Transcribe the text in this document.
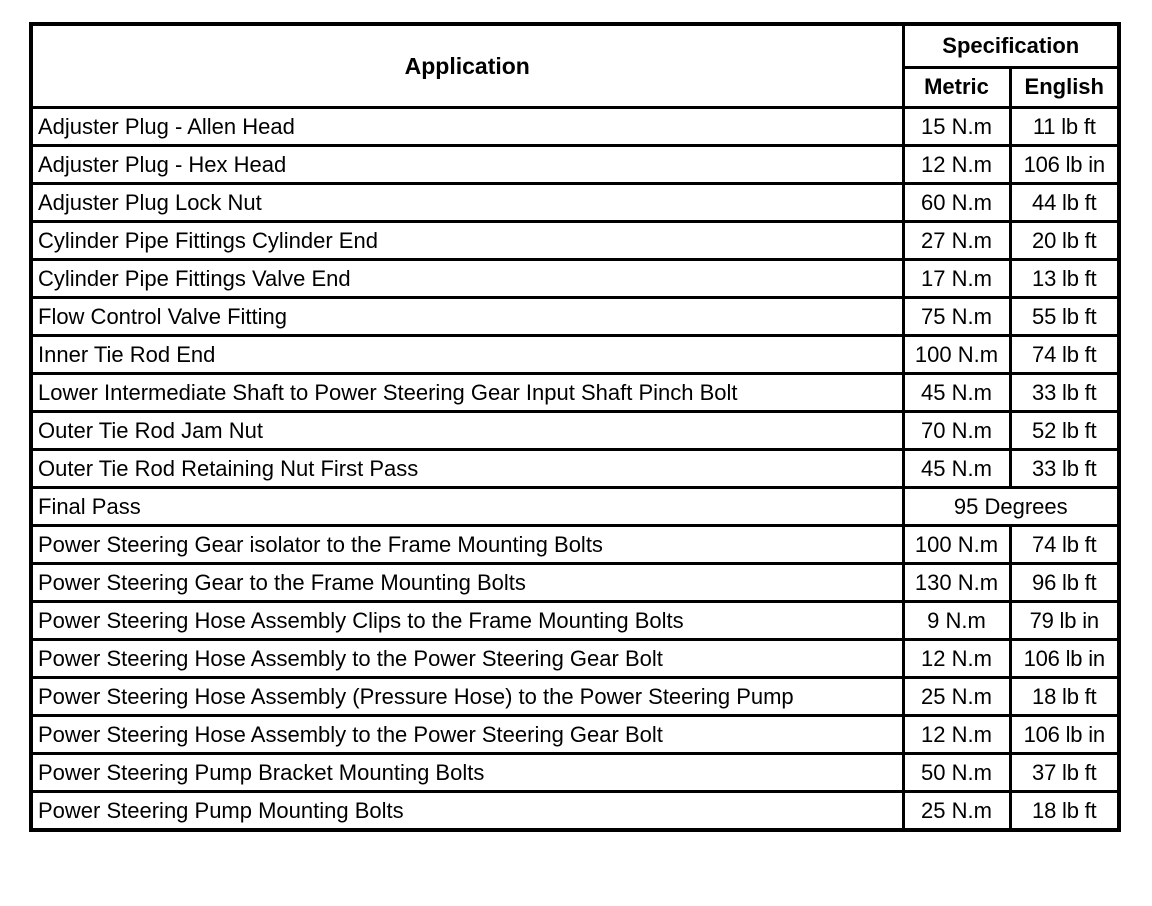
Application	Specification	
	Metric	English
Adjuster Plug - Allen Head	15 N.m	11 lb ft
Adjuster Plug - Hex Head	12 N.m	106 lb in
Adjuster Plug Lock Nut	60 N.m	44 lb ft
Cylinder Pipe Fittings Cylinder End	27 N.m	20 lb ft
Cylinder Pipe Fittings Valve End	17 N.m	13 lb ft
Flow Control Valve Fitting	75 N.m	55 lb ft
Inner Tie Rod End	100 N.m	74 lb ft
Lower Intermediate Shaft to Power Steering Gear Input Shaft Pinch Bolt	45 N.m	33 lb ft
Outer Tie Rod Jam Nut	70 N.m	52 lb ft
Outer Tie Rod Retaining Nut First Pass	45 N.m	33 lb ft
Final Pass	95 Degrees	
Power Steering Gear isolator to the Frame Mounting Bolts	100 N.m	74 lb ft
Power Steering Gear to the Frame Mounting Bolts	130 N.m	96 lb ft
Power Steering Hose Assembly Clips to the Frame Mounting Bolts	9 N.m	79 lb in
Power Steering Hose Assembly to the Power Steering Gear Bolt	12 N.m	106 lb in
Power Steering Hose Assembly (Pressure Hose) to the Power Steering Pump	25 N.m	18 lb ft
Power Steering Hose Assembly to the Power Steering Gear Bolt	12 N.m	106 lb in
Power Steering Pump Bracket Mounting Bolts	50 N.m	37 lb ft
Power Steering Pump Mounting Bolts	25 N.m	18 lb ft
